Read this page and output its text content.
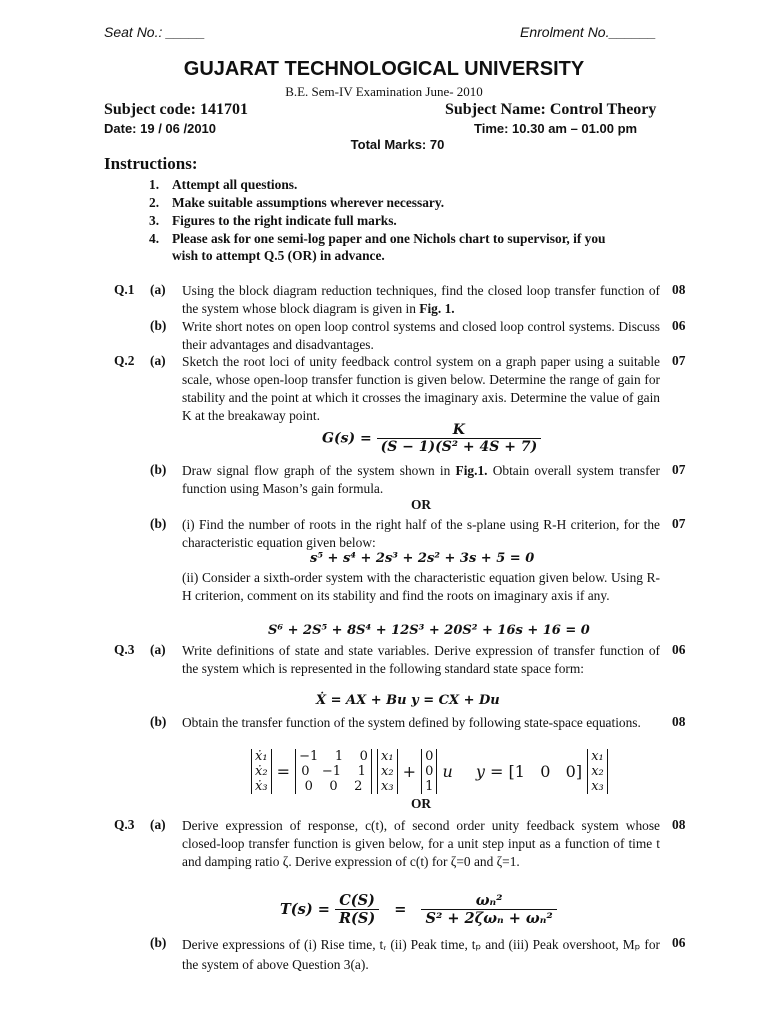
Seat No.: _____	Enrolment No.______
GUJARAT TECHNOLOGICAL UNIVERSITY
B.E. Sem-IV Examination June- 2010
Subject code: 141701	Subject Name: Control Theory
Date: 19 / 06 /2010	Time: 10.30 am – 01.00 pm
Total Marks: 70
Instructions:
1. Attempt all questions.
2. Make suitable assumptions wherever necessary.
3. Figures to the right indicate full marks.
4. Please ask for one semi-log paper and one Nichols chart to supervisor, if you
wish to attempt Q.5 (OR) in advance.
Q.1 (a) Using the block diagram reduction techniques, find the closed loop transfer function of the system whose block diagram is given in Fig. 1.
08
(b) Write short notes on open loop control systems and closed loop control systems. Discuss their advantages and disadvantages.
06
Q.2 (a) Sketch the root loci of unity feedback control system on a graph paper using a suitable scale, whose open-loop transfer function is given below. Determine the range of gain for stability and the point at which it crosses the imaginary axis. Determine the value of gain K at the breakaway point.
07
$G(s) = \frac{K}{\text{(S − 1)(S² + 4S + 7)}}$
(b) Draw signal flow graph of the system shown in Fig.1. Obtain overall system transfer function using Mason’s gain formula.
07
OR
(b) (i) Find the number of roots in the right half of the s-plane using R-H criterion, for the characteristic equation given below:
07
s⁵ + s⁴ + 2s³ + 2s² + 3s + 5 = 0
(ii) Consider a sixth-order system with the characteristic equation given below. Using R-H criterion, comment on its stability and find the roots on imaginary axis if any.
S⁶ + 2S⁵ + 8S⁴ + 12S³ + 20S² + 16s + 16 = 0
Q.3 (a) Write definitions of state and state variables. Derive expression of transfer function of the system which is represented in the following standard state space form:
06
Ẋ = AX + Bu y = CX + Du
(b) Obtain the transfer function of the system defined by following state-space equations.	08
ẋ₁
ẋ₂
ẋ₃
=
−1    1    0
0   −1    1
0    0    2

x₁
x₂
x₃
+
0
0
1
u y = [1   0   0]
x₁
x₂
x₃
OR
Q.3 (a) Derive expression of response, c(t), of second order unity feedback system whose closed-loop transfer function is given below, for a unit step input as a function of time t and damping ratio ζ. Derive expression of c(t) for ζ=0 and ζ=1.
08
$T(s) = \frac{C(S)}{R(S)} = \frac{\text{ωₙ²}}{\text{S² + 2ζωₙ + ωₙ²}}$
(b) Derive expressions of (i) Rise time, tᵣ (ii) Peak time, tₚ and (iii) Peak overshoot, Mₚ for the system of above Question 3(a).
06
